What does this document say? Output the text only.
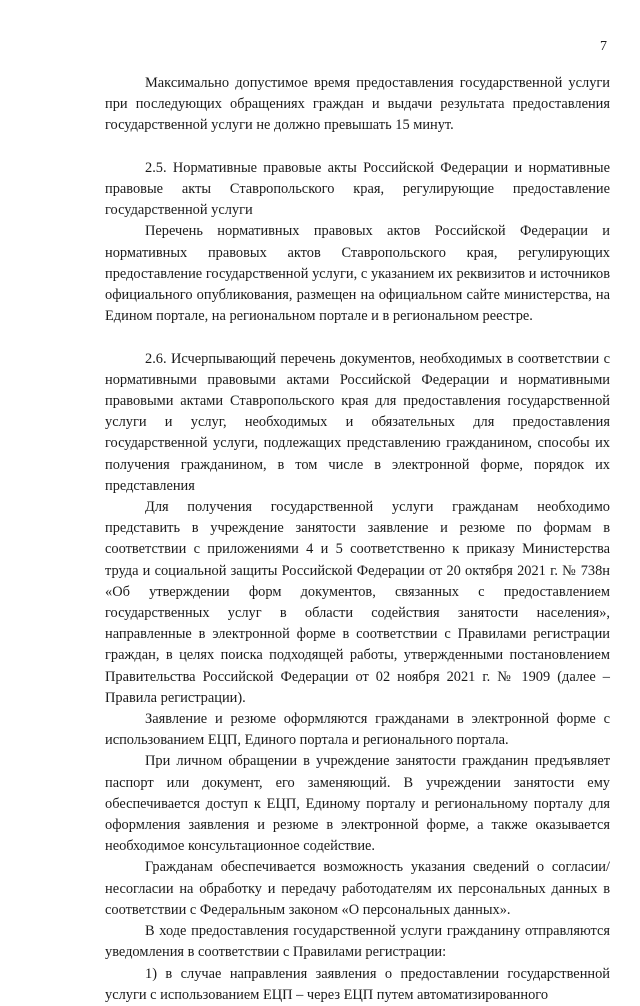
7

Максимально допустимое время предоставления государственной услуги при последующих обращениях граждан и выдачи результата предоставления государственной услуги не должно превышать 15 минут.

2.5. Нормативные правовые акты Российской Федерации и нормативные правовые акты Ставропольского края, регулирующие предоставление государственной услуги

Перечень нормативных правовых актов Российской Федерации и нормативных правовых актов Ставропольского края, регулирующих предоставление государственной услуги, с указанием их реквизитов и источников официального опубликования, размещен на официальном сайте министерства, на Едином портале, на региональном портале и в региональном реестре.

2.6. Исчерпывающий перечень документов, необходимых в соответствии с нормативными правовыми актами Российской Федерации и нормативными правовыми актами Ставропольского края для предоставления государственной услуги и услуг, необходимых и обязательных для предоставления государственной услуги, подлежащих представлению гражданином, способы их получения гражданином, в том числе в электронной форме, порядок их представления

Для получения государственной услуги гражданам необходимо представить в учреждение занятости заявление и резюме по формам в соответствии с приложениями 4 и 5 соответственно к приказу Министерства труда и социальной защиты Российской Федерации от 20 октября 2021 г. № 738н «Об утверждении форм документов, связанных с предоставлением государственных услуг в области содействия занятости населения», направленные в электронной форме в соответствии с Правилами регистрации граждан, в целях поиска подходящей работы, утвержденными постановлением Правительства Российской Федерации от 02 ноября 2021 г. № 1909 (далее – Правила регистрации).

Заявление и резюме оформляются гражданами в электронной форме с использованием ЕЦП, Единого портала и регионального портала.

При личном обращении в учреждение занятости гражданин предъявляет паспорт или документ, его заменяющий. В учреждении занятости ему обеспечивается доступ к ЕЦП, Единому порталу и региональному порталу для оформления заявления и резюме в электронной форме, а также оказывается необходимое консультационное содействие.

Гражданам обеспечивается возможность указания сведений о согласии/несогласии на обработку и передачу работодателям их персональных данных в соответствии с Федеральным законом «О персональных данных».

В ходе предоставления государственной услуги гражданину отправляются уведомления в соответствии с Правилами регистрации:

1) в случае направления заявления о предоставлении государственной услуги с использованием ЕЦП – через ЕЦП путем автоматизированного
